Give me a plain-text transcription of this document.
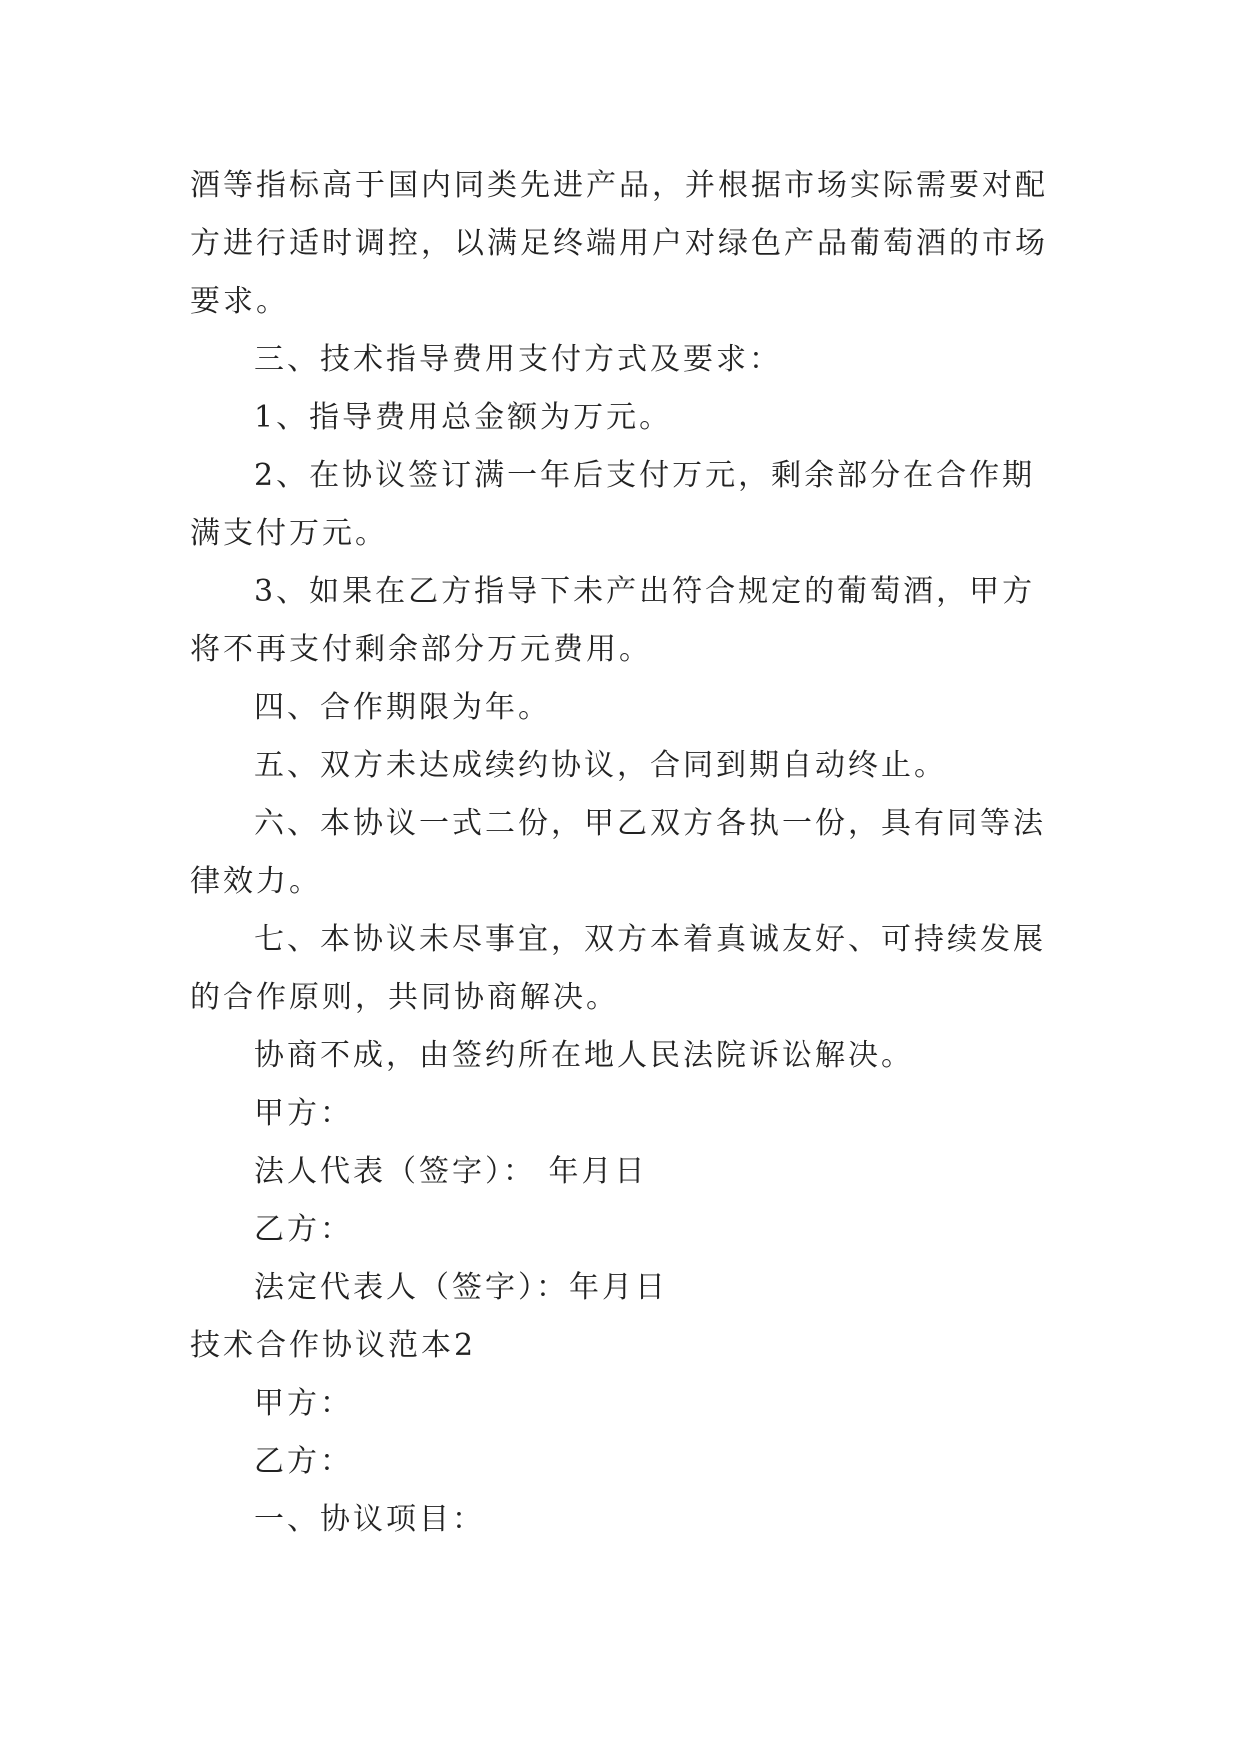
酒等指标高于国内同类先进产品，并根据市场实际需要对配方进行适时调控，以满足终端用户对绿色产品葡萄酒的市场要求。

三、技术指导费用支付方式及要求：

1、指导费用总金额为万元。

2、在协议签订满一年后支付万元，剩余部分在合作期满支付万元。

3、如果在乙方指导下未产出符合规定的葡萄酒，甲方将不再支付剩余部分万元费用。

四、合作期限为年。

五、双方未达成续约协议，合同到期自动终止。

六、本协议一式二份，甲乙双方各执一份，具有同等法律效力。

七、本协议未尽事宜，双方本着真诚友好、可持续发展的合作原则，共同协商解决。

协商不成，由签约所在地人民法院诉讼解决。

甲方：

法人代表（签字）： 年月日

乙方：

法定代表人（签字）：年月日

技术合作协议范本2

甲方：

乙方：

一、协议项目：
